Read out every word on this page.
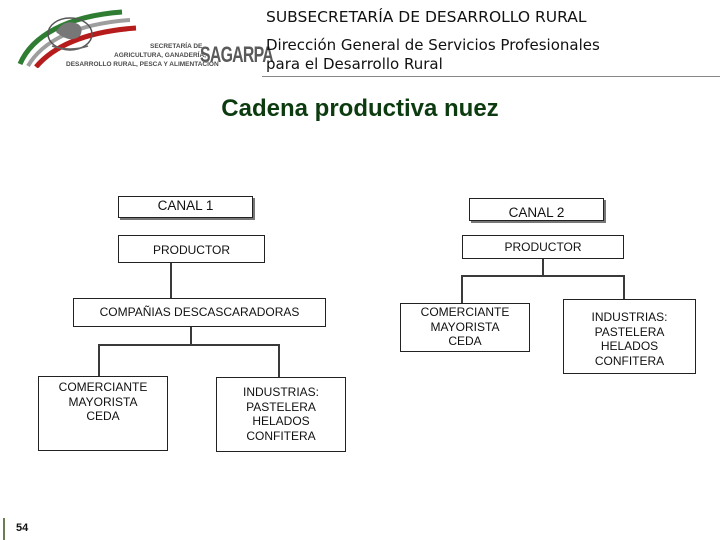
SECRETARÍA DE
AGRICULTURA, GANADERÍA,
DESARROLLO RURAL, PESCA Y ALIMENTACIÓN
SAGARPA
SUBSECRETARÍA DE DESARROLLO RURAL
Dirección General de Servicios Profesionales
para el Desarrollo Rural
Cadena productiva nuez
CANAL 1
PRODUCTOR
COMPAÑIAS DESCASCARADORAS
COMERCIANTE
MAYORISTA
CEDA
INDUSTRIAS:
PASTELERA
HELADOS
CONFITERA
CANAL 2
PRODUCTOR
COMERCIANTE
MAYORISTA
CEDA
INDUSTRIAS:
PASTELERA
HELADOS
CONFITERA
54
